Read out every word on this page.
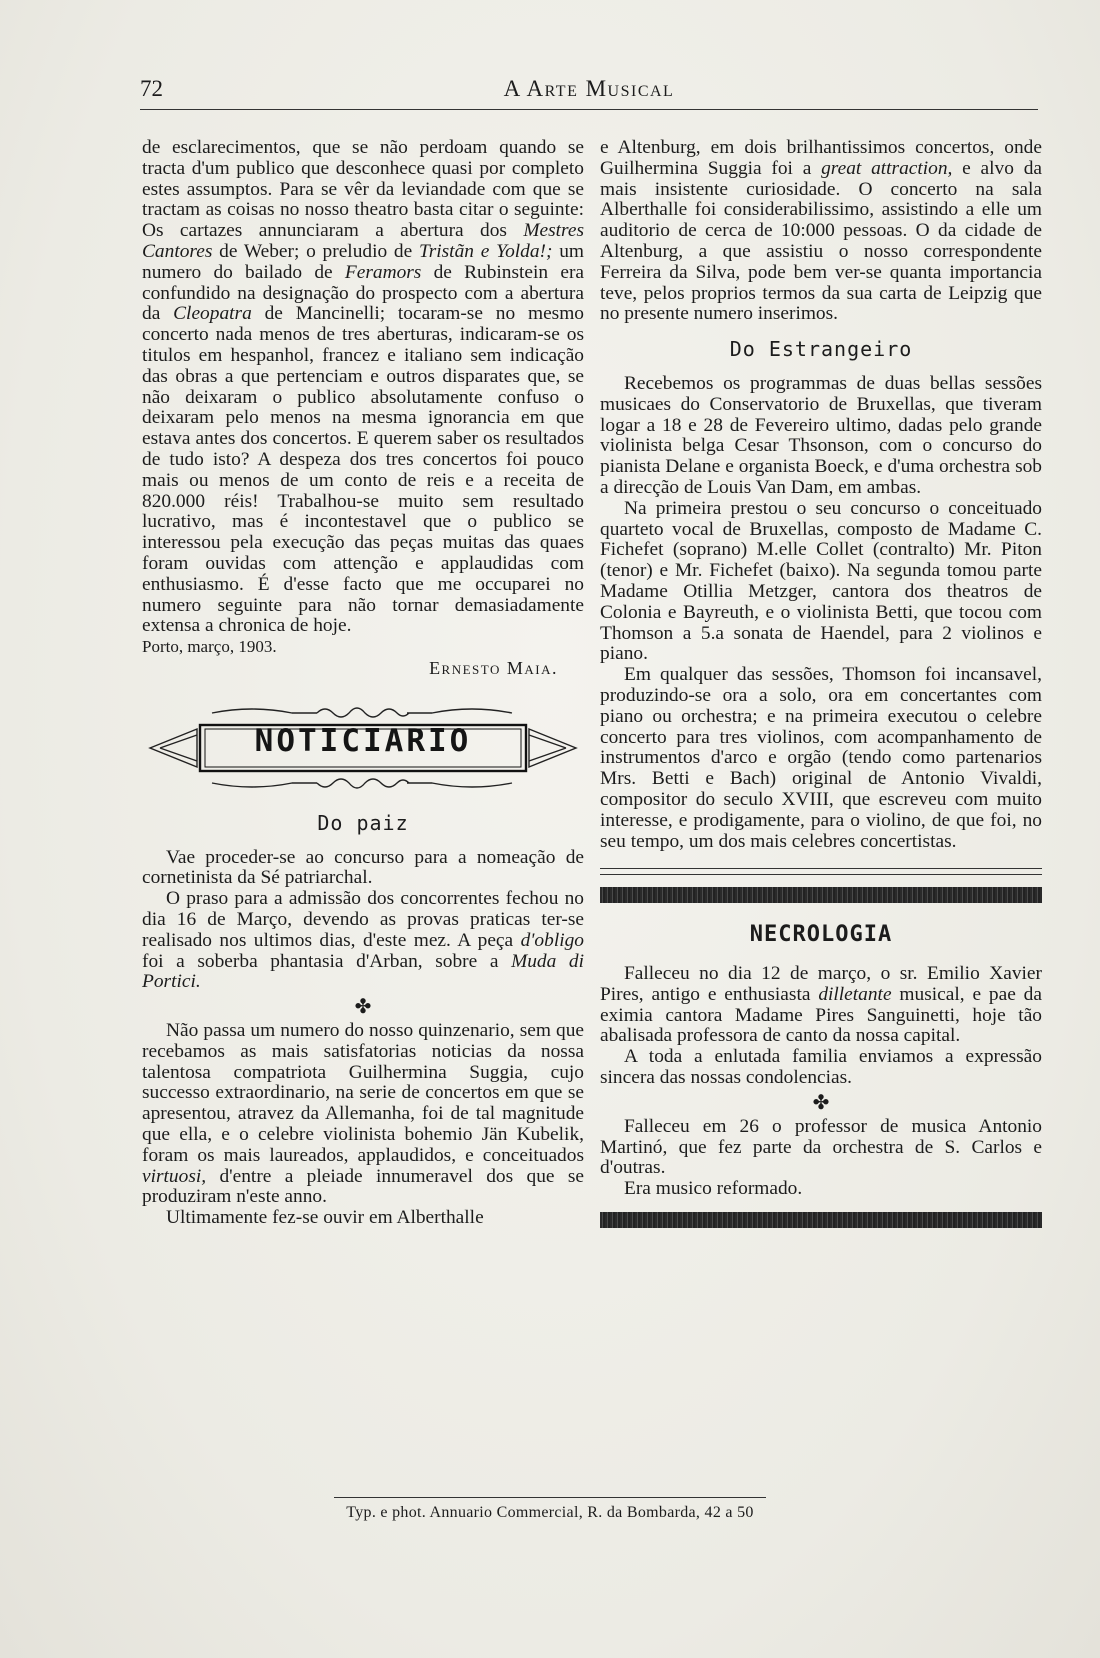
72	A Arte Musical

de esclarecimentos, que se não perdoam quando se tracta d'um publico que desconhece quasi por completo estes assumptos. Para se vêr da leviandade com que se tractam as coisas no nosso theatro basta citar o seguinte: Os cartazes annunciaram a abertura dos Mestres Cantores de Weber; o preludio de Tristãn e Yolda!; um numero do bailado de Feramors de Rubinstein era confundido na designação do prospecto com a abertura da Cleopatra de Mancinelli; tocaram-se no mesmo concerto nada menos de tres aberturas, indicaram-se os titulos em hespanhol, francez e italiano sem indicação das obras a que pertenciam e outros disparates que, se não deixaram o publico absolutamente confuso o deixaram pelo menos na mesma ignorancia em que estava antes dos concertos. E querem saber os resultados de tudo isto? A despeza dos tres concertos foi pouco mais ou menos de um conto de reis e a receita de 820.000 réis! Trabalhou-se muito sem resultado lucrativo, mas é incontestavel que o publico se interessou pela execução das peças muitas das quaes foram ouvidas com attenção e applaudidas com enthusiasmo. É d'esse facto que me occuparei no numero seguinte para não tornar demasiadamente extensa a chronica de hoje.

Porto, março, 1903.

Ernesto Maia.

NOTICIARIO
Do paiz

Vae proceder-se ao concurso para a nomeação de cornetinista da Sé patriarchal.

O praso para a admissão dos concorrentes fechou no dia 16 de Março, devendo as provas praticas ter-se realisado nos ultimos dias, d'este mez. A peça d'obligo foi a soberba phantasia d'Arban, sobre a Muda di Portici.

✤

Não passa um numero do nosso quinzenario, sem que recebamos as mais satisfatorias noticias da nossa talentosa compatriota Guilhermina Suggia, cujo successo extraordinario, na serie de concertos em que se apresentou, atravez da Allemanha, foi de tal magnitude que ella, e o celebre violinista bohemio Jän Kubelik, foram os mais laureados, applaudidos, e conceituados virtuosi, d'entre a pleiade innumeravel dos que se produziram n'este anno.

Ultimamente fez-se ouvir em Alberthalle

e Altenburg, em dois brilhantissimos concertos, onde Guilhermina Suggia foi a great attraction, e alvo da mais insistente curiosidade. O concerto na sala Alberthalle foi considerabilissimo, assistindo a elle um auditorio de cerca de 10:000 pessoas. O da cidade de Altenburg, a que assistiu o nosso correspondente Ferreira da Silva, pode bem ver-se quanta importancia teve, pelos proprios termos da sua carta de Leipzig que no presente numero inserimos.

Do Estrangeiro

Recebemos os programmas de duas bellas sessões musicaes do Conservatorio de Bruxellas, que tiveram logar a 18 e 28 de Fevereiro ultimo, dadas pelo grande violinista belga Cesar Thsonson, com o concurso do pianista Delane e organista Boeck, e d'uma orchestra sob a direcção de Louis Van Dam, em ambas.

Na primeira prestou o seu concurso o conceituado quarteto vocal de Bruxellas, composto de Madame C. Fichefet (soprano) M.elle Collet (contralto) Mr. Piton (tenor) e Mr. Fichefet (baixo). Na segunda tomou parte Madame Otillia Metzger, cantora dos theatros de Colonia e Bayreuth, e o violinista Betti, que tocou com Thomson a 5.a sonata de Haendel, para 2 violinos e piano.

Em qualquer das sessões, Thomson foi incansavel, produzindo-se ora a solo, ora em concertantes com piano ou orchestra; e na primeira executou o celebre concerto para tres violinos, com acompanhamento de instrumentos d'arco e orgão (tendo como partenarios Mrs. Betti e Bach) original de Antonio Vivaldi, compositor do seculo XVIII, que escreveu com muito interesse, e prodigamente, para o violino, de que foi, no seu tempo, um dos mais celebres concertistas.

NECROLOGIA

Falleceu no dia 12 de março, o sr. Emilio Xavier Pires, antigo e enthusiasta dilletante musical, e pae da eximia cantora Madame Pires Sanguinetti, hoje tão abalisada professora de canto da nossa capital.

A toda a enlutada familia enviamos a expressão sincera das nossas condolencias.

✤

Falleceu em 26 o professor de musica Antonio Martinó, que fez parte da orchestra de S. Carlos e d'outras.

Era musico reformado.

Typ. e phot. Annuario Commercial, R. da Bombarda, 42 a 50
